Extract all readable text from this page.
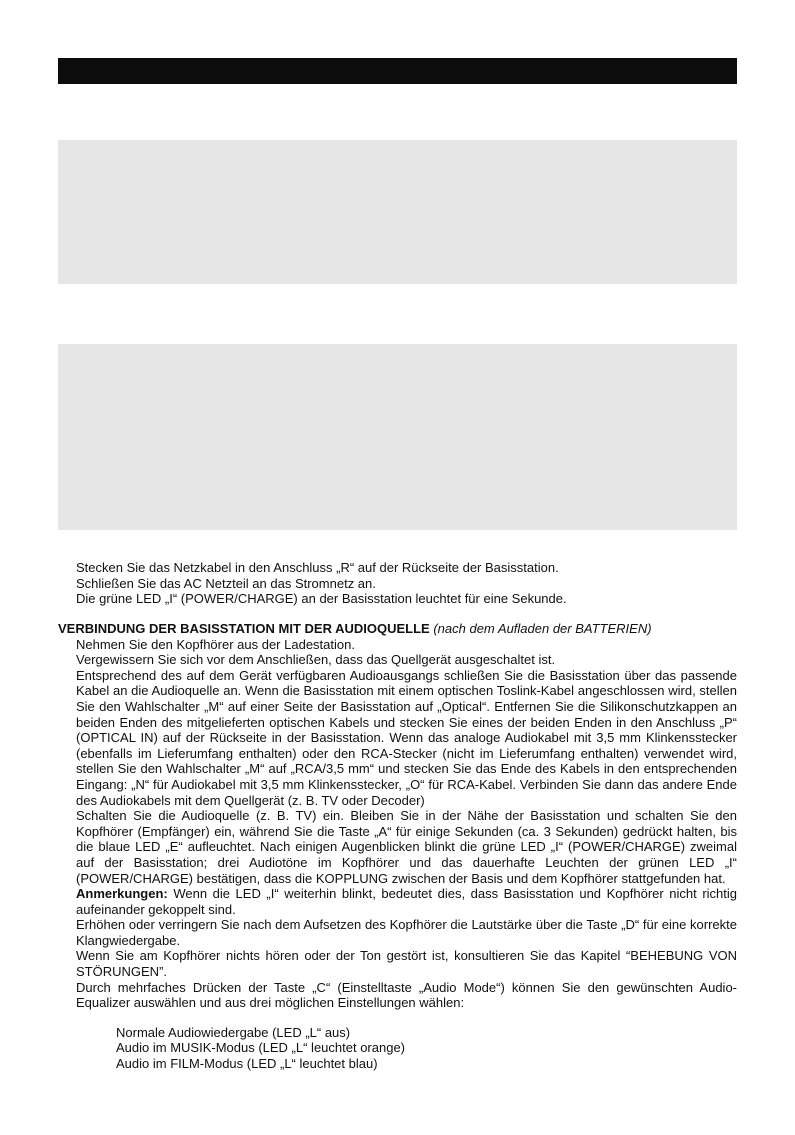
Stecken Sie das Netzkabel in den Anschluss „R“ auf der Rückseite der Basisstation.

Schließen Sie das AC Netzteil an das Stromnetz an.

Die grüne LED „I“ (POWER/CHARGE) an der Basisstation leuchtet für eine Sekunde.

VERBINDUNG DER BASISSTATION MIT DER AUDIOQUELLE (nach dem Aufladen der BATTERIEN)

Nehmen Sie den Kopfhörer aus der Ladestation.

Vergewissern Sie sich vor dem Anschließen, dass das Quellgerät ausgeschaltet ist.

Entsprechend des auf dem Gerät verfügbaren Audioausgangs schließen Sie die Basisstation über das passende Kabel an die Audioquelle an. Wenn die Basisstation mit einem optischen Toslink-Kabel angeschlossen wird, stellen Sie den Wahlschalter „M“ auf einer Seite der Basisstation auf „Optical“. Entfernen Sie die Silikonschutzkappen an beiden Enden des mitgelieferten optischen Kabels und stecken Sie eines der beiden Enden in den Anschluss „P“ (OPTICAL IN) auf der Rückseite in der Basisstation. Wenn das analoge Audiokabel mit 3,5 mm Klinkensstecker (ebenfalls im Lieferumfang enthalten) oder den RCA-Stecker (nicht im Lieferumfang enthalten) verwendet wird, stellen Sie den Wahlschalter „M“ auf „RCA/3,5 mm“ und stecken Sie das Ende des Kabels in den entsprechenden Eingang: „N“ für Audiokabel mit 3,5 mm Klinkensstecker, „O“ für RCA-Kabel. Verbinden Sie dann das andere Ende des Audiokabels mit dem Quellgerät (z. B. TV oder Decoder)

Schalten Sie die Audioquelle (z. B. TV) ein. Bleiben Sie in der Nähe der Basisstation und schalten Sie den Kopfhörer (Empfänger) ein, während Sie die Taste „A“ für einige Sekunden (ca. 3 Sekunden) gedrückt halten, bis die blaue LED „E“ aufleuchtet. Nach einigen Augenblicken blinkt die grüne LED „I“ (POWER/CHARGE) zweimal auf der Basisstation; drei Audiotöne im Kopfhörer und das dauerhafte Leuchten der grünen LED „I“ (POWER/CHARGE) bestätigen, dass die KOPPLUNG zwischen der Basis und dem Kopfhörer stattgefunden hat.

Anmerkungen: Wenn die LED „I“ weiterhin blinkt, bedeutet dies, dass Basisstation und Kopfhörer nicht richtig aufeinander gekoppelt sind.

Erhöhen oder verringern Sie nach dem Aufsetzen des Kopfhörer die Lautstärke über die Taste „D“ für eine korrekte Klangwiedergabe.

Wenn Sie am Kopfhörer nichts hören oder der Ton gestört ist, konsultieren Sie das Kapitel “BEHEBUNG VON STÖRUNGEN”.

Durch mehrfaches Drücken der Taste „C“ (Einstelltaste „Audio Mode“) können Sie den gewünschten Audio-Equalizer auswählen und aus drei möglichen Einstellungen wählen:

Normale Audiowiedergabe (LED „L“ aus)
Audio im MUSIK-Modus (LED „L“ leuchtet orange)
Audio im FILM-Modus (LED „L“ leuchtet blau)
